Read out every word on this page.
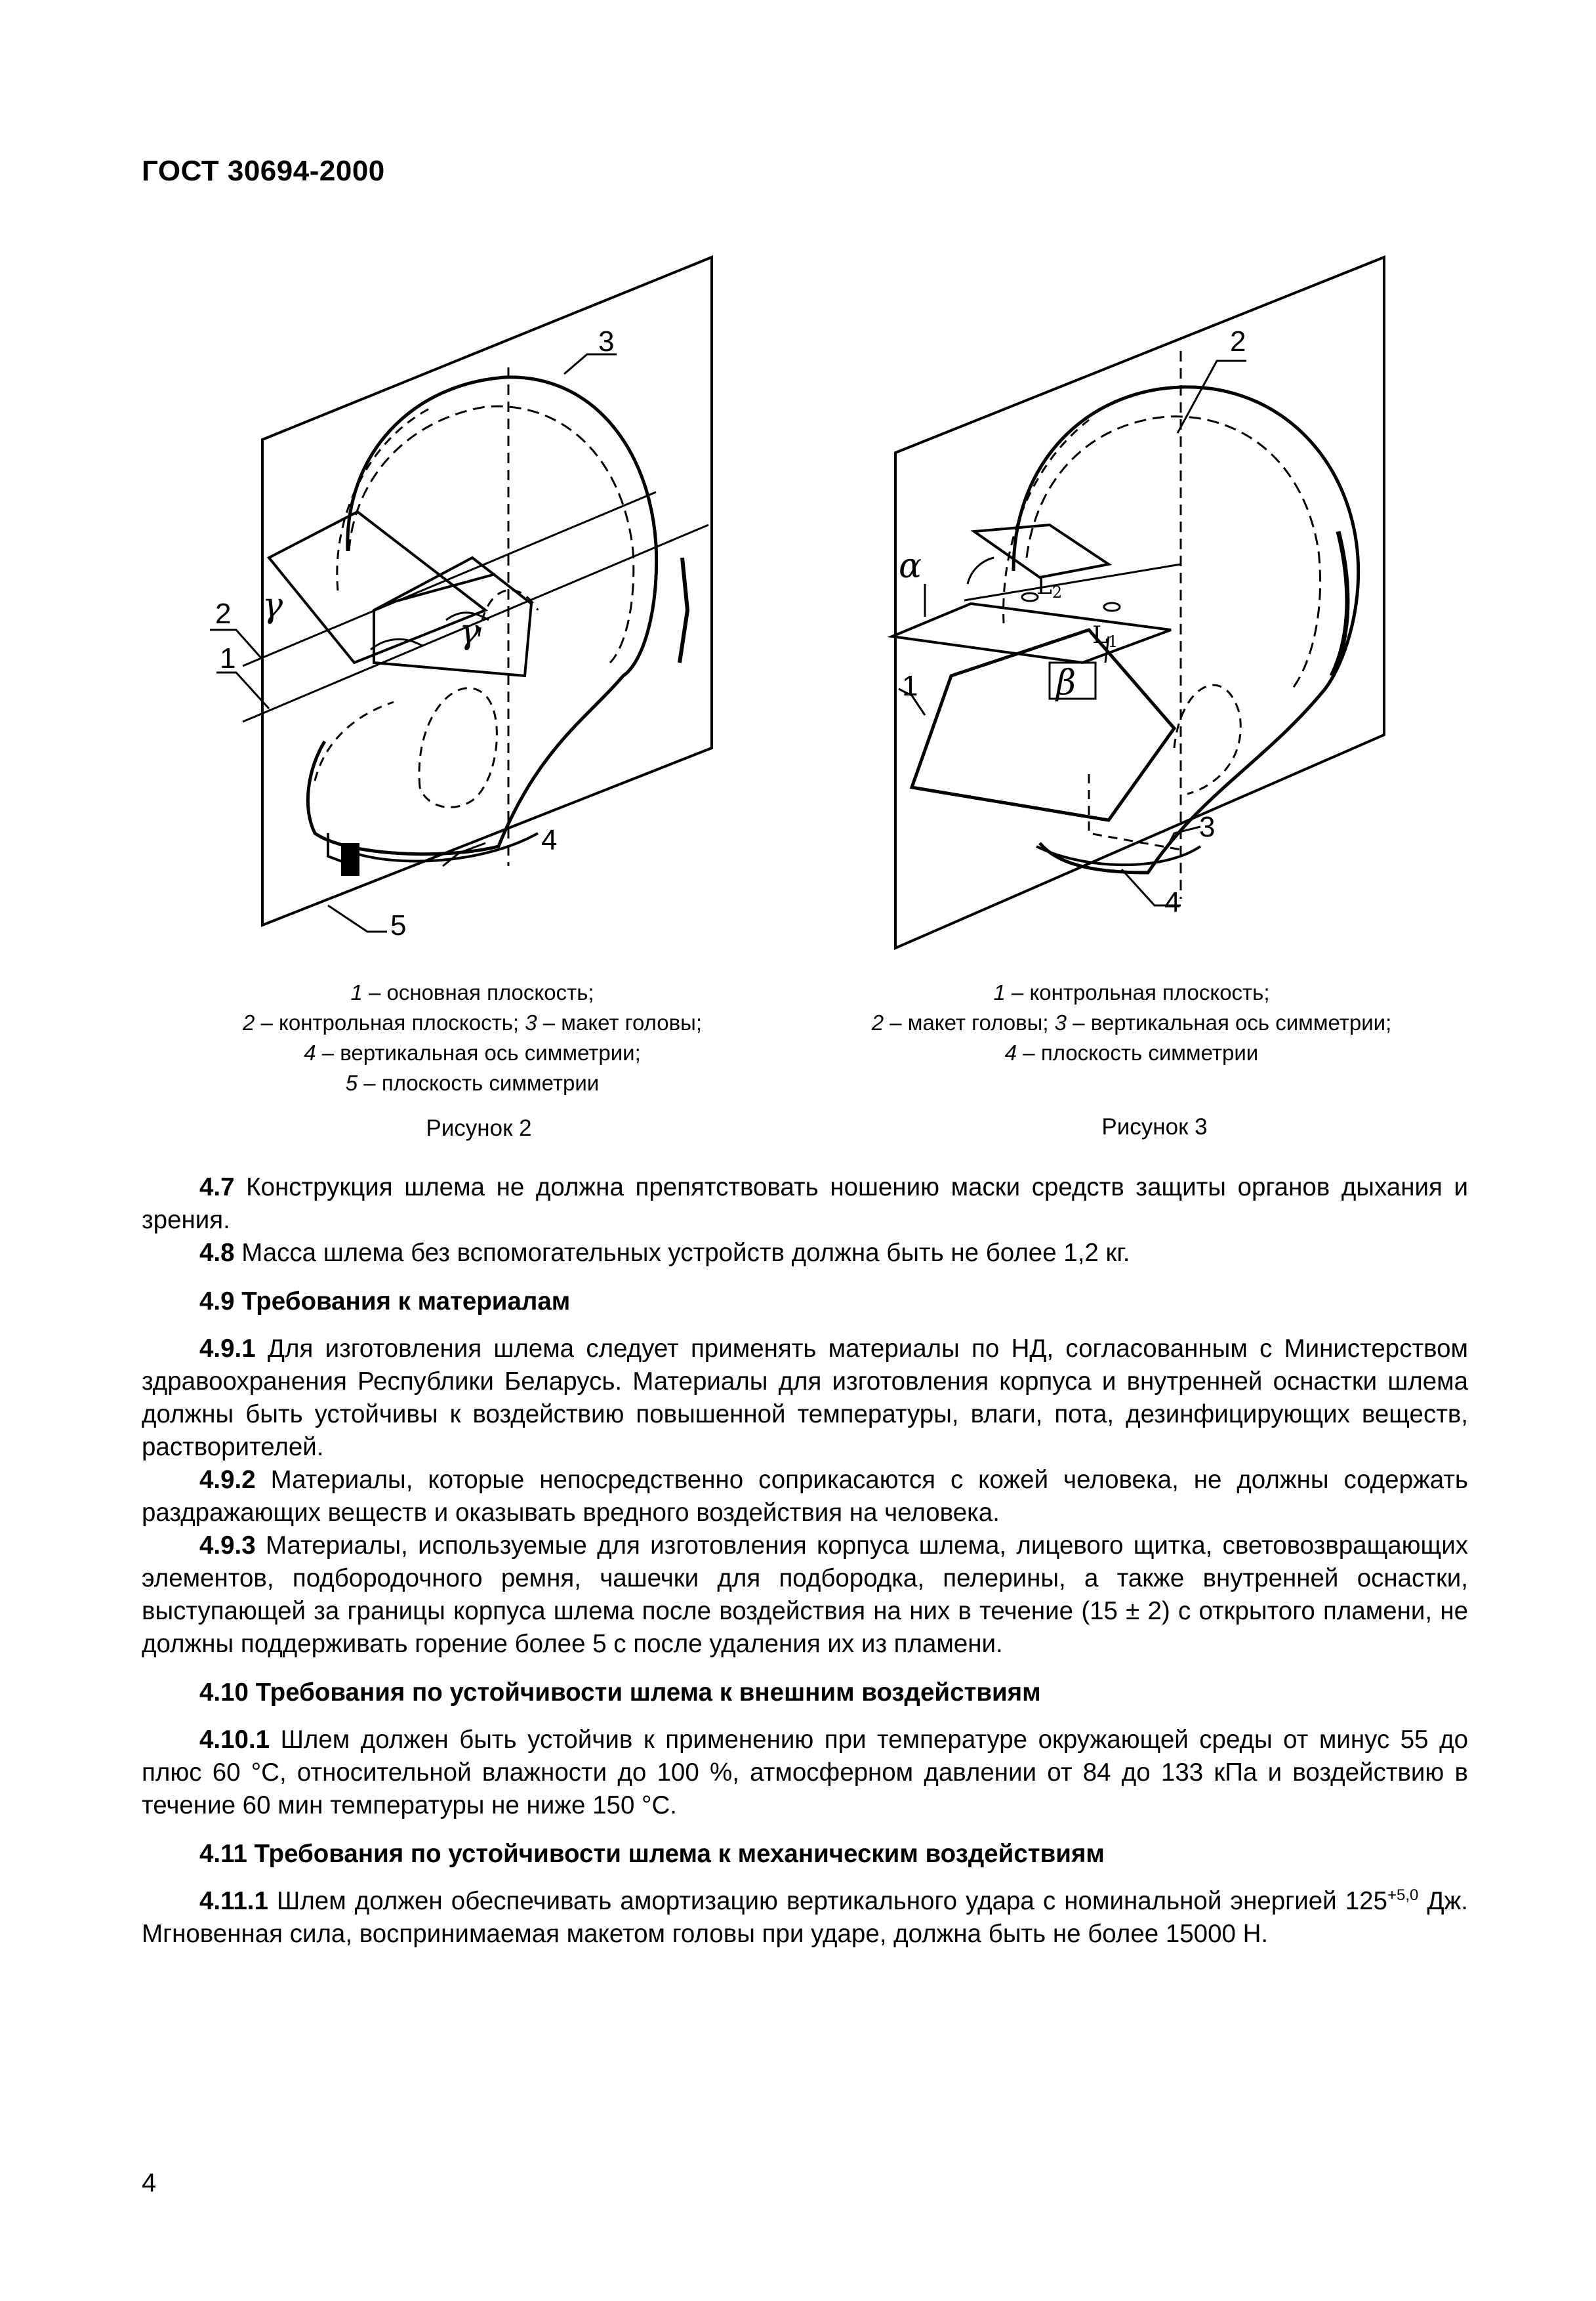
ГОСТ 30694-2000
3
2
1
4
5
γ
γ
2
1
3
4
α
β
L2
L1
1 – основная плоскость;
2 – контрольная плоскость; 3 – макет головы;
4 – вертикальная ось симметрии;
5 – плоскость симметрии
1 – контрольная плоскость;
2 – макет головы; 3 – вертикальная ось симметрии;
4 – плоскость симметрии
Рисунок 2	Рисунок 3

4.7 Конструкция шлема не должна препятствовать ношению маски средств защиты органов дыхания и зрения.

4.8 Масса шлема без вспомогательных устройств должна быть не более 1,2 кг.

4.9 Требования к материалам

4.9.1 Для изготовления шлема следует применять материалы по НД, согласованным с Министерством здравоохранения Республики Беларусь. Материалы для изготовления корпуса и внутренней оснастки шлема должны быть устойчивы к воздействию повышенной температуры, влаги, пота, дезинфицирующих веществ, растворителей.

4.9.2 Материалы, которые непосредственно соприкасаются с кожей человека, не должны содержать раздражающих веществ и оказывать вредного воздействия на человека.

4.9.3 Материалы, используемые для изготовления корпуса шлема, лицевого щитка, световозвращающих элементов, подбородочного ремня, чашечки для подбородка, пелерины, а также внутренней оснастки, выступающей за границы корпуса шлема после воздействия на них в течение (15 ± 2) с открытого пламени, не должны поддерживать горение более 5 с после удаления их из пламени.

4.10 Требования по устойчивости шлема к внешним воздействиям

4.10.1 Шлем должен быть устойчив к применению при температуре окружающей среды от минус 55 до плюс 60 °С, относительной влажности до 100 %, атмосферном давлении от 84 до 133 кПа и воздействию в течение 60 мин температуры не ниже 150 °С.

4.11 Требования по устойчивости шлема к механическим воздействиям

4.11.1 Шлем должен обеспечивать амортизацию вертикального удара с номинальной энергией $125^{+5,0}$ Дж. Мгновенная сила, воспринимаемая макетом головы при ударе, должна быть не более 15000 Н.

4
